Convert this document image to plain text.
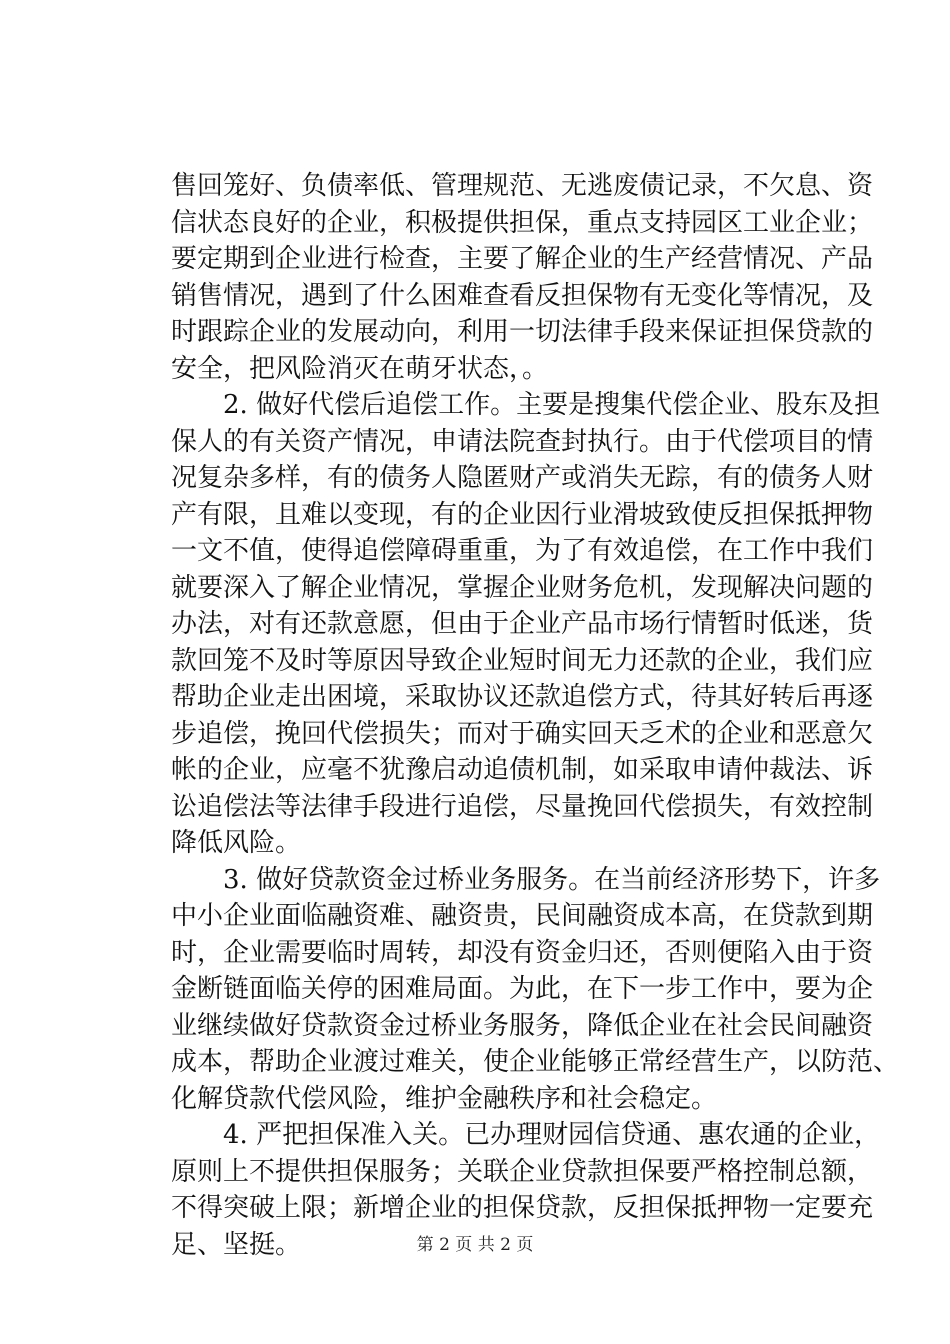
售回笼好、负债率低、管理规范、无逃废债记录，不欠息、资
信状态良好的企业，积极提供担保，重点支持园区工业企业；
要定期到企业进行检查，主要了解企业的生产经营情况、产品
销售情况，遇到了什么困难查看反担保物有无变化等情况，及
时跟踪企业的发展动向，利用一切法律手段来保证担保贷款的
安全，把风险消灭在萌牙状态，。
　　2. 做好代偿后追偿工作。主要是搜集代偿企业、股东及担
保人的有关资产情况，申请法院查封执行。由于代偿项目的情
况复杂多样，有的债务人隐匿财产或消失无踪，有的债务人财
产有限，且难以变现，有的企业因行业滑坡致使反担保抵押物
一文不值，使得追偿障碍重重，为了有效追偿，在工作中我们
就要深入了解企业情况，掌握企业财务危机，发现解决问题的
办法，对有还款意愿，但由于企业产品市场行情暂时低迷，货
款回笼不及时等原因导致企业短时间无力还款的企业，我们应
帮助企业走出困境，采取协议还款追偿方式，待其好转后再逐
步追偿，挽回代偿损失；而对于确实回天乏术的企业和恶意欠
帐的企业，应毫不犹豫启动追债机制，如采取申请仲裁法、诉
讼追偿法等法律手段进行追偿，尽量挽回代偿损失，有效控制
降低风险。
　　3. 做好贷款资金过桥业务服务。在当前经济形势下，许多
中小企业面临融资难、融资贵，民间融资成本高，在贷款到期
时，企业需要临时周转，却没有资金归还，否则便陷入由于资
金断链面临关停的困难局面。为此，在下一步工作中，要为企
业继续做好贷款资金过桥业务服务，降低企业在社会民间融资
成本，帮助企业渡过难关，使企业能够正常经营生产，以防范、
化解贷款代偿风险，维护金融秩序和社会稳定。
　　4. 严把担保准入关。已办理财园信贷通、惠农通的企业，
原则上不提供担保服务；关联企业贷款担保要严格控制总额，
不得突破上限；新增企业的担保贷款，反担保抵押物一定要充
足、坚挺。	第 2 页 共 2 页
